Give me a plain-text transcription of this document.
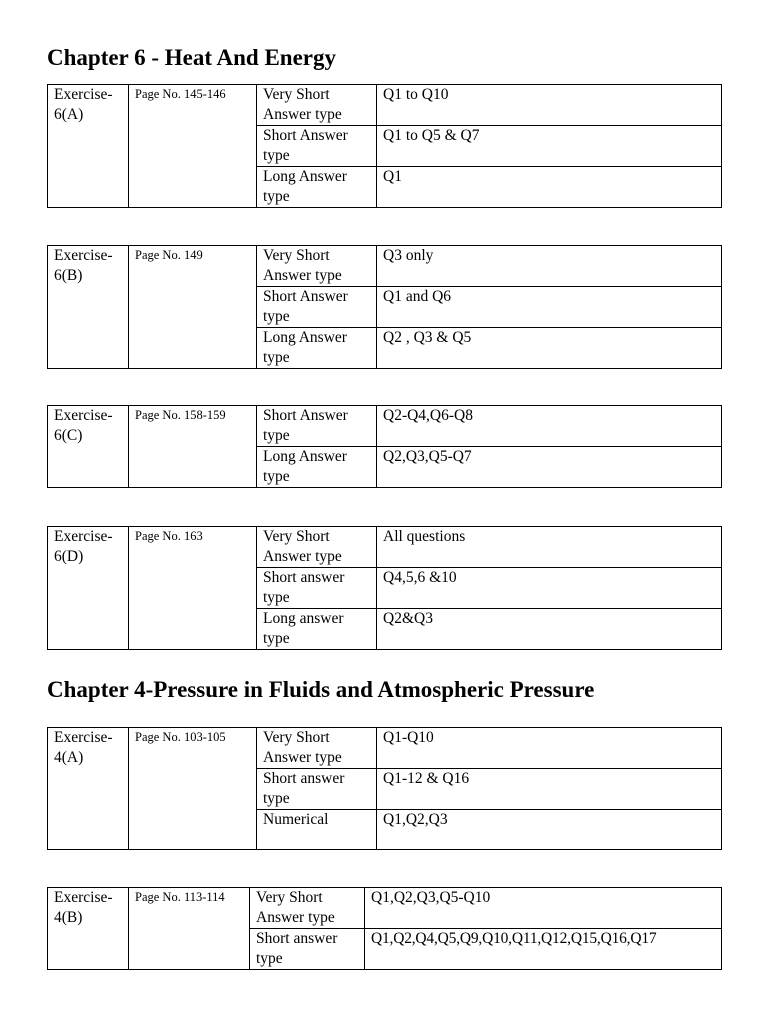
Chapter 6 - Heat And Energy
Exercise-6(A)	Page No. 145-146	Very Short Answer type	Q1 to Q10
		Short Answer type	Q1 to Q5 & Q7
		Long Answer type	Q1
Exercise-6(B)	Page No. 149	Very Short Answer type	Q3 only
		Short Answer type	Q1 and Q6
		Long Answer type	Q2 , Q3 & Q5
Exercise-6(C)	Page No. 158-159	Short Answer type	Q2-Q4,Q6-Q8
		Long Answer type	Q2,Q3,Q5-Q7
Exercise-6(D)	Page No. 163	Very Short Answer type	All questions
		Short answer type	Q4,5,6 &10
		Long answer type	Q2&Q3
Chapter 4-Pressure in Fluids and Atmospheric Pressure
Exercise-4(A)	Page No. 103-105	Very Short Answer type	Q1-Q10
		Short answer type	Q1-12 & Q16
		Numerical	Q1,Q2,Q3
Exercise-4(B)	Page No. 113-114	Very Short Answer type	Q1,Q2,Q3,Q5-Q10
		Short answer type	Q1,Q2,Q4,Q5,Q9,Q10,Q11,Q12,Q15,Q16,Q17
